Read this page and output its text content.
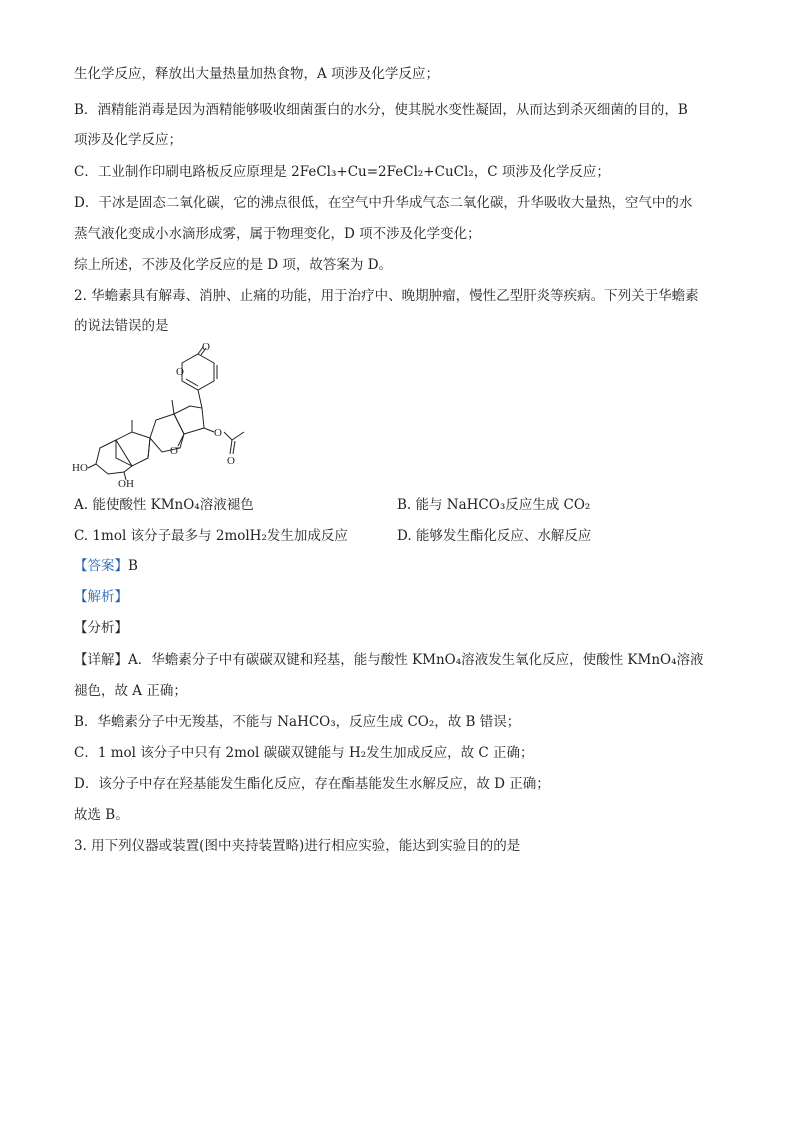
生化学反应，释放出大量热量加热食物，A 项涉及化学反应；
B．酒精能消毒是因为酒精能够吸收细菌蛋白的水分，使其脱水变性凝固，从而达到杀灭细菌的目的，B
项涉及化学反应；
C．工业制作印刷电路板反应原理是 2FeCl₃+Cu=2FeCl₂+CuCl₂，C 项涉及化学反应；
D．干冰是固态二氧化碳，它的沸点很低，在空气中升华成气态二氧化碳，升华吸收大量热，空气中的水
蒸气液化变成小水滴形成雾，属于物理变化，D 项不涉及化学变化；
综上所述，不涉及化学反应的是 D 项，故答案为 D。
2. 华蟾素具有解毒、消肿、止痛的功能，用于治疗中、晚期肿瘤，慢性乙型肝炎等疾病。下列关于华蟾素
的说法错误的是
O
O
O
O
O
HO
OH
A. 能使酸性 KMnO₄溶液褪色	B. 能与 NaHCO₃反应生成 CO₂
C. 1mol 该分子最多与 2molH₂发生加成反应	D. 能够发生酯化反应、水解反应
【答案】B
【解析】
【分析】
【详解】A．华蟾素分子中有碳碳双键和羟基，能与酸性 KMnO₄溶液发生氧化反应，使酸性 KMnO₄溶液
褪色，故 A 正确；
B．华蟾素分子中无羧基，不能与 NaHCO₃，反应生成 CO₂，故 B 错误；
C．1 mol 该分子中只有 2mol 碳碳双键能与 H₂发生加成反应，故 C 正确；
D．该分子中存在羟基能发生酯化反应，存在酯基能发生水解反应，故 D 正确；
故选 B。
3. 用下列仪器或装置(图中夹持装置略)进行相应实验，能达到实验目的的是
